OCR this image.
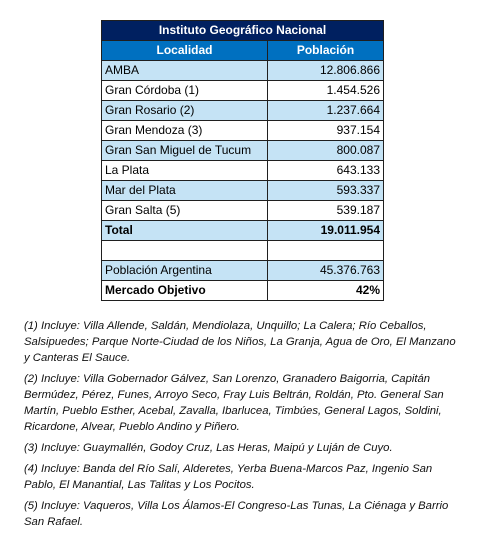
Instituto Geográfico Nacional	
Localidad	Población
AMBA	12.806.866
Gran Córdoba (1)	1.454.526
Gran Rosario (2)	1.237.664
Gran Mendoza (3)	937.154
Gran San Miguel de Tucum	800.087
La Plata	643.133
Mar del Plata	593.337
Gran Salta (5)	539.187
Total	19.011.954

Población Argentina	45.376.763
Mercado Objetivo	42%

(1) Incluye: Villa Allende, Saldán, Mendiolaza, Unquillo; La Calera; Río Ceballos, Salsipuedes; Parque Norte-Ciudad de los Niños, La Granja, Agua de Oro, El Manzano y Canteras El Sauce.

(2) Incluye: Villa Gobernador Gálvez, San Lorenzo, Granadero Baigorria, Capitán Bermúdez, Pérez, Funes, Arroyo Seco, Fray Luis Beltrán, Roldán, Pto. General San Martín, Pueblo Esther, Acebal, Zavalla, Ibarlucea, Timbúes, General Lagos, Soldini, Ricardone, Alvear, Pueblo Andino y Piñero.

(3) Incluye: Guaymallén, Godoy Cruz, Las Heras, Maipú y Luján de Cuyo.

(4) Incluye: Banda del Río Salí, Alderetes, Yerba Buena-Marcos Paz, Ingenio San Pablo, El Manantial, Las Talitas y Los Pocitos.

(5) Incluye: Vaqueros, Villa Los Álamos-El Congreso-Las Tunas, La Ciénaga y Barrio San Rafael.
